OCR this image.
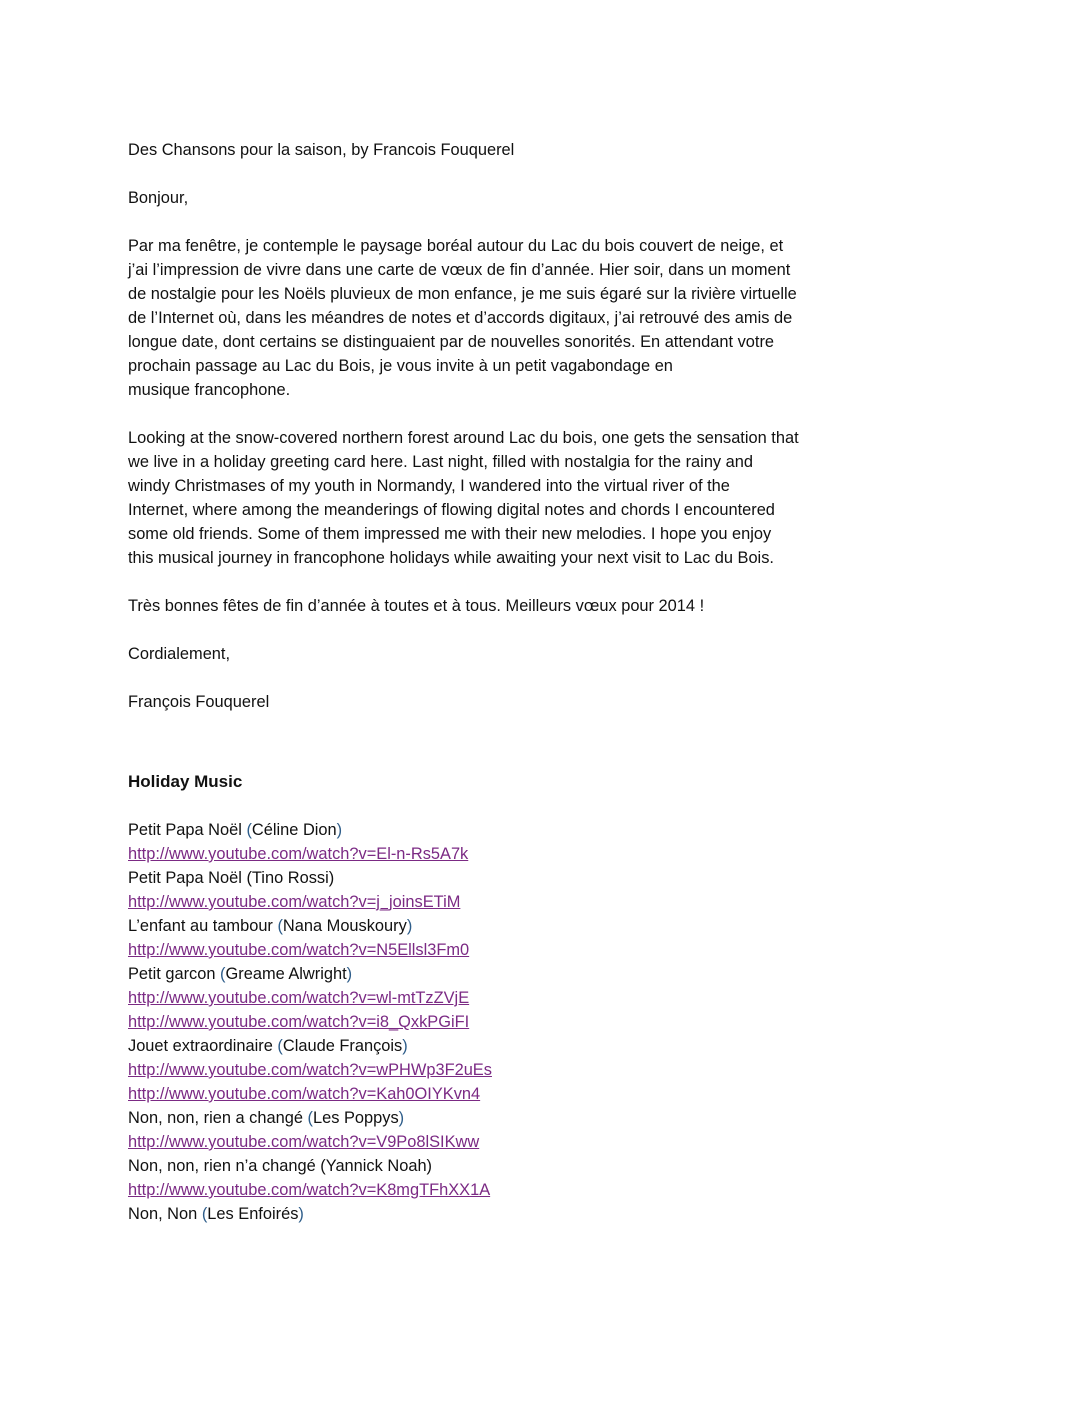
Des Chansons pour la saison, by Francois Fouquerel
Bonjour,
Par ma fenêtre, je contemple le paysage boréal autour du Lac du bois couvert de neige, et
j’ai l’impression de vivre dans une carte de vœux de fin d’année. Hier soir, dans un moment
de nostalgie pour les Noëls pluvieux de mon enfance, je me suis égaré sur la rivière virtuelle
de l’Internet où, dans les méandres de notes et d’accords digitaux, j’ai retrouvé des amis de
longue date, dont certains se distinguaient par de nouvelles sonorités. En attendant votre
prochain passage au Lac du Bois, je vous invite à un petit vagabondage en
musique francophone.
Looking at the snow-covered northern forest around Lac du bois, one gets the sensation that
we live in a holiday greeting card here. Last night, filled with nostalgia for the rainy and
windy Christmases of my youth in Normandy, I wandered into the virtual river of the
Internet, where among the meanderings of flowing digital notes and chords I encountered
some old friends. Some of them impressed me with their new melodies. I hope you enjoy
this musical journey in francophone holidays while awaiting your next visit to Lac du Bois.
Très bonnes fêtes de fin d’année à toutes et à tous. Meilleurs vœux pour 2014 !
Cordialement,
François Fouquerel
Holiday Music
Petit Papa Noël (Céline Dion)
http://www.youtube.com/watch?v=El-n-Rs5A7k
Petit Papa Noël (Tino Rossi)
http://www.youtube.com/watch?v=j_joinsETiM
L’enfant au tambour (Nana Mouskoury)
http://www.youtube.com/watch?v=N5Ellsl3Fm0
Petit garcon (Greame Alwright)
http://www.youtube.com/watch?v=wl-mtTzZVjE
http://www.youtube.com/watch?v=i8_QxkPGiFI
Jouet extraordinaire (Claude François)
http://www.youtube.com/watch?v=wPHWp3F2uEs
http://www.youtube.com/watch?v=Kah0OIYKvn4
Non, non, rien a changé (Les Poppys)
http://www.youtube.com/watch?v=V9Po8lSIKww
Non, non, rien n’a changé (Yannick Noah)
http://www.youtube.com/watch?v=K8mgTFhXX1A
Non, Non (Les Enfoirés)
